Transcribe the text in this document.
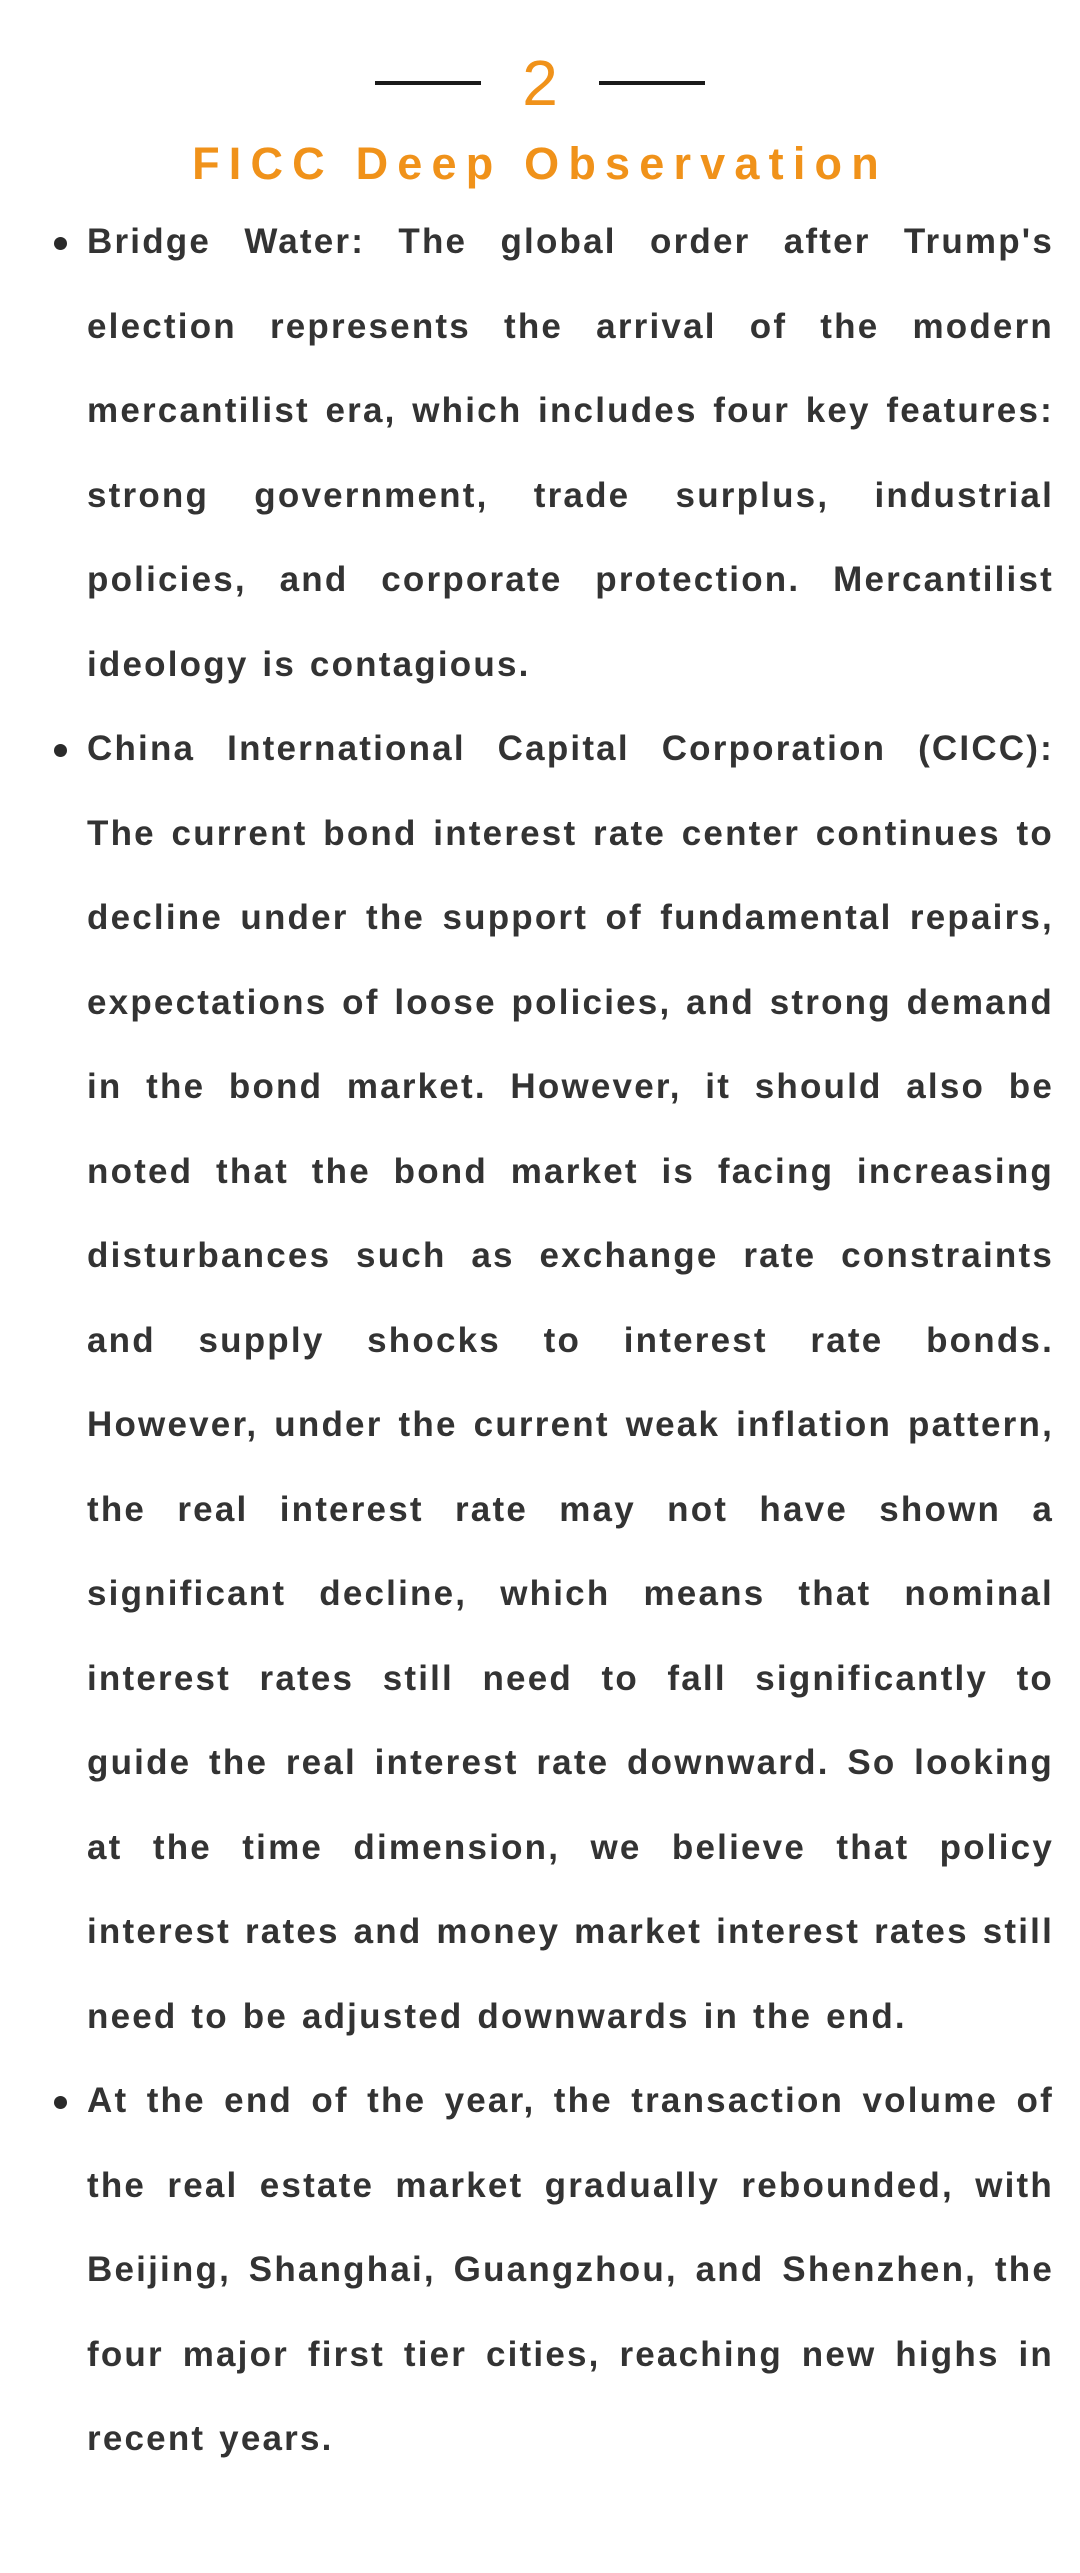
2
FICC Deep Observation
Bridge Water: The global order after Trump's election represents the arrival of the modern mercantilist era, which includes four key features: strong government, trade surplus, industrial policies, and corporate protection. Mercantilist ideology is contagious.
China International Capital Corporation (CICC): The current bond interest rate center continues to decline under the support of fundamental repairs, expectations of loose policies, and strong demand in the bond market. However, it should also be noted that the bond market is facing increasing disturbances such as exchange rate constraints and supply shocks to interest rate bonds. However, under the current weak inflation pattern, the real interest rate may not have shown a significant decline, which means that nominal interest rates still need to fall significantly to guide the real interest rate downward. So looking at the time dimension, we believe that policy interest rates and money market interest rates still need to be adjusted downwards in the end.
At the end of the year, the transaction volume of the real estate market gradually rebounded, with Beijing, Shanghai, Guangzhou, and Shenzhen, the four major first tier cities, reaching new highs in recent years.
